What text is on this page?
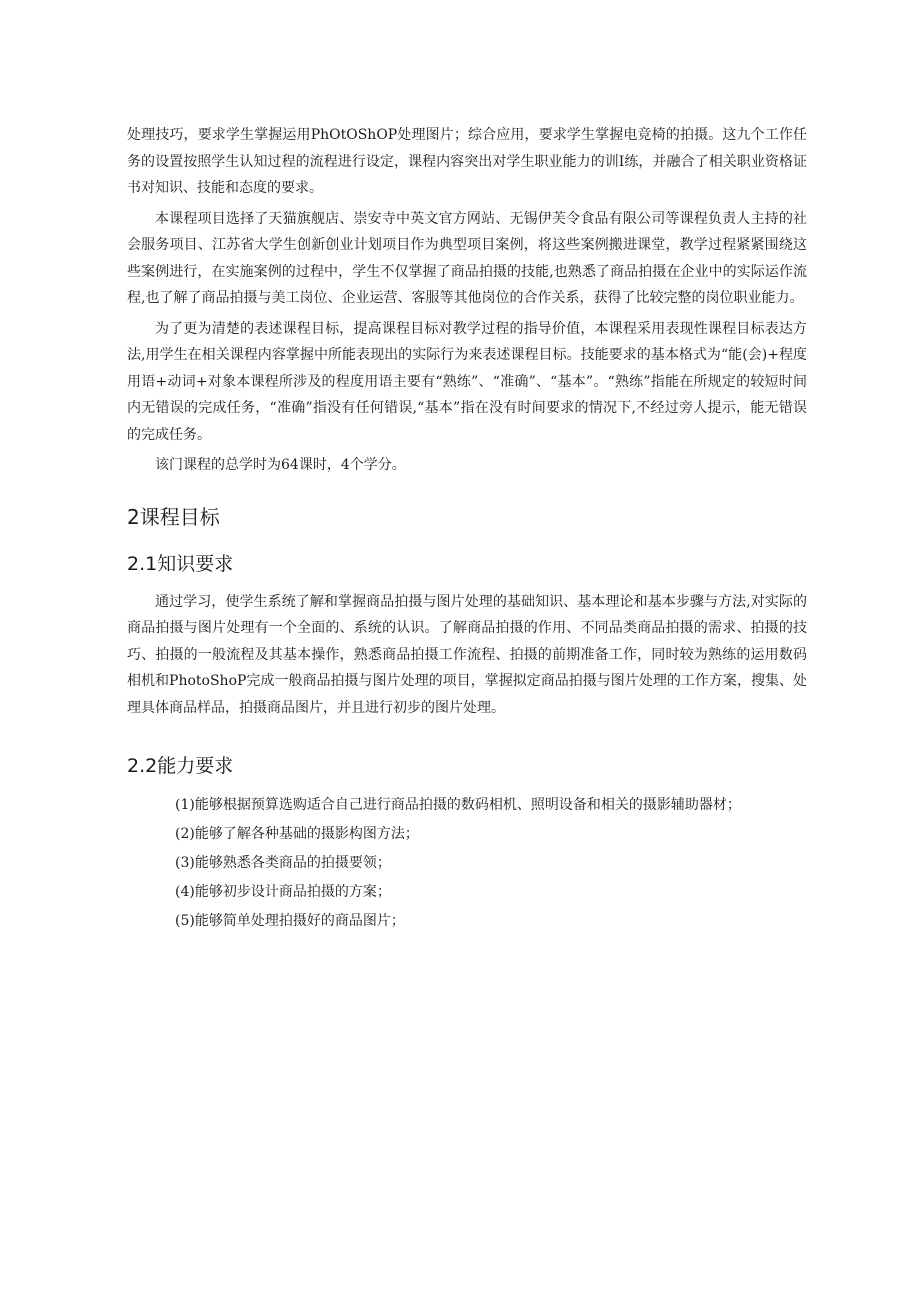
处理技巧，要求学生掌握运用PhOtOShOP处理图片；综合应用，要求学生掌握电竞椅的拍摄。这九个工作任务的设置按照学生认知过程的流程进行设定，课程内容突出对学生职业能力的训Ⅰ练，并融合了相关职业资格证书对知识、技能和态度的要求。

本课程项目选择了天猫旗舰店、崇安寺中英文官方网站、无锡伊芙令食品有限公司等课程负责人主持的社会服务项目、江苏省大学生创新创业计划项目作为典型项目案例，将这些案例搬进课堂，教学过程紧紧围绕这些案例进行，在实施案例的过程中，学生不仅掌握了商品拍摄的技能,也熟悉了商品拍摄在企业中的实际运作流程,也了解了商品拍摄与美工岗位、企业运营、客服等其他岗位的合作关系，获得了比较完整的岗位职业能力。

为了更为清楚的表述课程目标，提高课程目标对教学过程的指导价值，本课程采用表现性课程目标表达方法,用学生在相关课程内容掌握中所能表现出的实际行为来表述课程目标。技能要求的基本格式为“能(会)+程度用语+动词+对象本课程所涉及的程度用语主要有“熟练”、“准确”、“基本”。“熟练”指能在所规定的较短时间内无错误的完成任务，“准确”指没有任何错误,“基本”指在没有时间要求的情况下,不经过旁人提示，能无错误的完成任务。

该门课程的总学时为64课时，4个学分。

2课程目标
2.1知识要求

通过学习，使学生系统了解和掌握商品拍摄与图片处理的基础知识、基本理论和基本步骤与方法,对实际的商品拍摄与图片处理有一个全面的、系统的认识。了解商品拍摄的作用、不同品类商品拍摄的需求、拍摄的技巧、拍摄的一般流程及其基本操作，熟悉商品拍摄工作流程、拍摄的前期准备工作，同时较为熟练的运用数码相机和PhotoShoP完成一般商品拍摄与图片处理的项目，掌握拟定商品拍摄与图片处理的工作方案，搜集、处理具体商品样品，拍摄商品图片，并且进行初步的图片处理。

2.2能力要求
(1)能够根据预算选购适合自己进行商品拍摄的数码相机、照明设备和相关的摄影辅助器材；
(2)能够了解各种基础的摄影构图方法；
(3)能够熟悉各类商品的拍摄要领；
(4)能够初步设计商品拍摄的方案；
(5)能够简单处理拍摄好的商品图片；
